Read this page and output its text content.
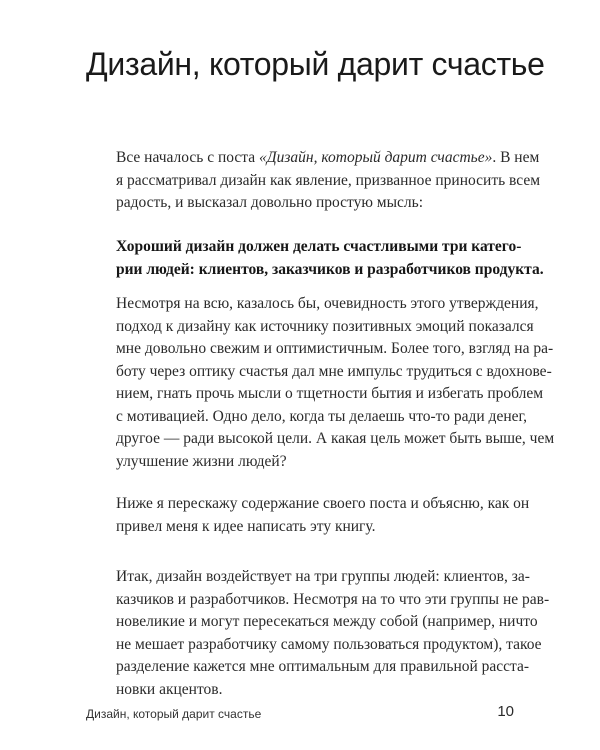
Дизайн, который дарит счастье
Все началось с поста «Дизайн, который дарит счастье». В нем
я рассматривал дизайн как явление, призванное приносить всем
радость, и высказал довольно простую мысль:
Хороший дизайн должен делать счастливыми три катего-
рии людей: клиентов, заказчиков и разработчиков продукта.
Несмотря на всю, казалось бы, очевидность этого утверждения,
подход к дизайну как источнику позитивных эмоций показался
мне довольно свежим и оптимистичным. Более того, взгляд на ра-
боту через оптику счастья дал мне импульс трудиться с вдохнове-
нием, гнать прочь мысли о тщетности бытия и избегать проблем
с мотивацией. Одно дело, когда ты делаешь что-то ради денег,
другое — ради высокой цели. А какая цель может быть выше, чем
улучшение жизни людей?
Ниже я перескажу содержание своего поста и объясню, как он
привел меня к идее написать эту книгу.
Итак, дизайн воздействует на три группы людей: клиентов, за-
казчиков и разработчиков. Несмотря на то что эти группы не рав-
новеликие и могут пересекаться между собой (например, ничто
не мешает разработчику самому пользоваться продуктом), такое
разделение кажется мне оптимальным для правильной расста-
новки акцентов.
Дизайн, который дарит счастье	10
